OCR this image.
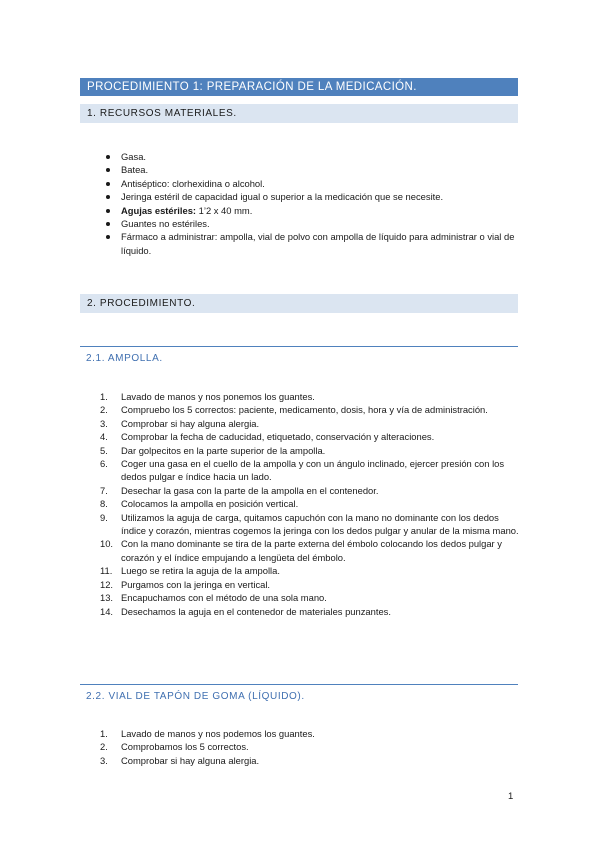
PROCEDIMIENTO 1: PREPARACIÓN DE LA MEDICACIÓN.
1. RECURSOS MATERIALES.
Gasa.
Batea.
Antiséptico: clorhexidina o alcohol.
Jeringa estéril de capacidad igual o superior a la medicación que se necesite.
Agujas estériles: 1’2 x 40 mm.
Guantes no estériles.
Fármaco a administrar: ampolla, vial de polvo con ampolla de líquido para administrar o vial de líquido.
2. PROCEDIMIENTO.
2.1. AMPOLLA.
1. Lavado de manos y nos ponemos los guantes.
2. Compruebo los 5 correctos: paciente, medicamento, dosis, hora y vía de administración.
3. Comprobar si hay alguna alergia.
4. Comprobar la fecha de caducidad, etiquetado, conservación y alteraciones.
5. Dar golpecitos en la parte superior de la ampolla.
6. Coger una gasa en el cuello de la ampolla y con un ángulo inclinado, ejercer presión con los dedos pulgar e índice hacia un lado.
7. Desechar la gasa con la parte de la ampolla en el contenedor.
8. Colocamos la ampolla en posición vertical.
9. Utilizamos la aguja de carga, quitamos capuchón con la mano no dominante con los dedos índice y corazón, mientras cogemos la jeringa con los dedos pulgar y anular de la misma mano.
10. Con la mano dominante se tira de la parte externa del émbolo colocando los dedos pulgar y corazón y el índice empujando a lengüeta del émbolo.
11. Luego se retira la aguja de la ampolla.
12. Purgamos con la jeringa en vertical.
13. Encapuchamos con el método de una sola mano.
14. Desechamos la aguja en el contenedor de materiales punzantes.
2.2. VIAL DE TAPÓN DE GOMA (LÍQUIDO).
1. Lavado de manos y nos podemos los guantes.
2. Comprobamos los 5 correctos.
3. Comprobar si hay alguna alergia.
1
